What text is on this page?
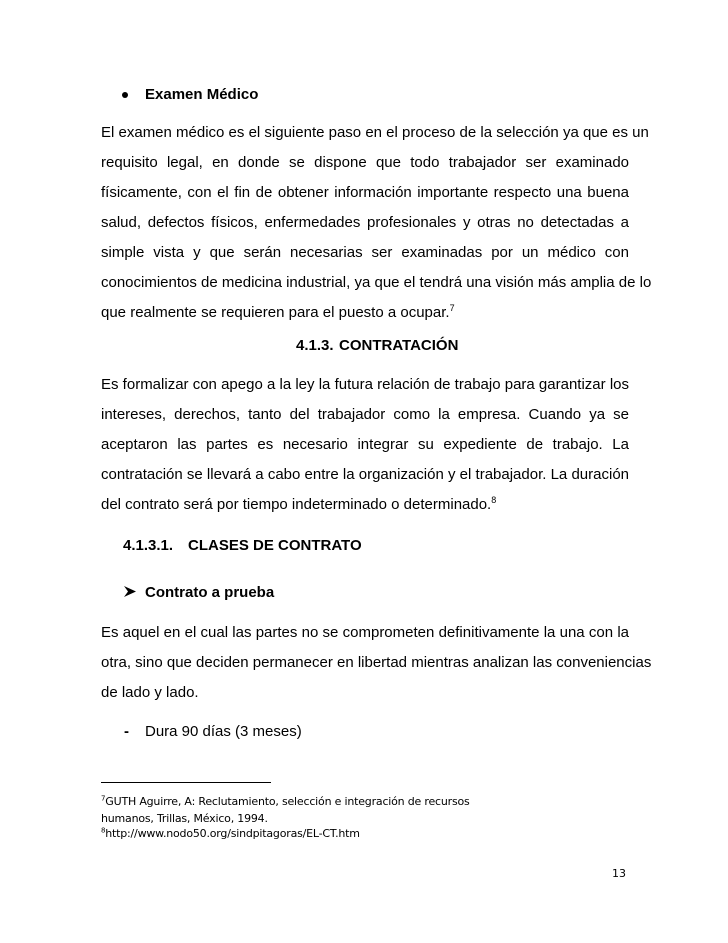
Examen Médico
El examen médico es el siguiente paso en el proceso de la selección ya que es un
requisito legal, en donde se dispone que todo trabajador ser examinado
físicamente, con el fin de obtener información importante respecto una buena
salud, defectos físicos, enfermedades profesionales y otras no detectadas a
simple vista y que serán necesarias ser examinadas por un médico con
conocimientos de medicina industrial, ya que el tendrá una visión más amplia de lo
que realmente se requieren para el puesto a ocupar.$^7$
4.1.3. CONTRATACIÓN
Es formalizar con apego a la ley la futura relación de trabajo para garantizar los
intereses, derechos, tanto del trabajador como la empresa. Cuando ya se
aceptaron las partes es necesario integrar su expediente de trabajo. La
contratación se llevará a cabo entre la organización y el trabajador. La duración
del contrato será por tiempo indeterminado o determinado.$^8$
4.1.3.1. CLASES DE CONTRATO
Contrato a prueba
Es aquel en el cual las partes no se comprometen definitivamente la una con la
otra, sino que deciden permanecer en libertad mientras analizan las conveniencias
de lado y lado.
- Dura 90 días (3 meses)
$^7$GUTH Aguirre, A: Reclutamiento, selección e integración de recursos
humanos, Trillas, México, 1994.
$^8$http://www.nodo50.org/sindpitagoras/EL-CT.htm
13
